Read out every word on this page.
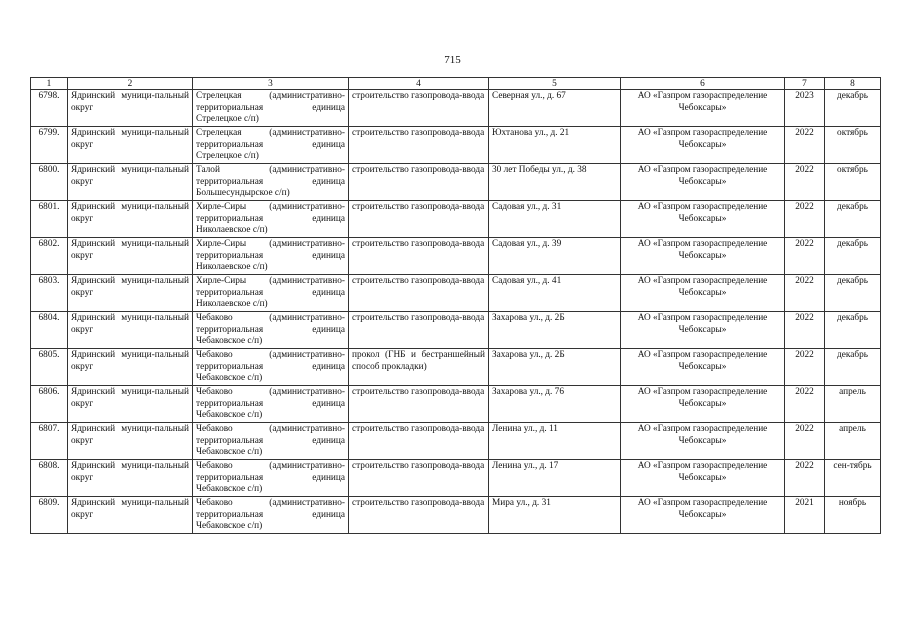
715
1	2	3	4	5	6	7	8
6798.	Ядринский муници-пальный округ	Стрелецкая (административно-территориальная единица Стрелецкое с/п)	строительство газопровода-ввода	Северная ул., д. 67	АО «Газпром газораспределение Чебоксары»	2023	декабрь
6799.	Ядринский муници-пальный округ	Стрелецкая (административно-территориальная единица Стрелецкое с/п)	строительство газопровода-ввода	Юхтанова ул., д. 21	АО «Газпром газораспределение Чебоксары»	2022	октябрь
6800.	Ядринский муници-пальный округ	Талой (административно-территориальная единица Большесундырское с/п)	строительство газопровода-ввода	30 лет Победы ул., д. 38	АО «Газпром газораспределение Чебоксары»	2022	октябрь
6801.	Ядринский муници-пальный округ	Хирле-Сиры (административно-территориальная единица Николаевское с/п)	строительство газопровода-ввода	Садовая ул., д. 31	АО «Газпром газораспределение Чебоксары»	2022	декабрь
6802.	Ядринский муници-пальный округ	Хирле-Сиры (административно-территориальная единица Николаевское с/п)	строительство газопровода-ввода	Садовая ул., д. 39	АО «Газпром газораспределение Чебоксары»	2022	декабрь
6803.	Ядринский муници-пальный округ	Хирле-Сиры (административно-территориальная единица Николаевское с/п)	строительство газопровода-ввода	Садовая ул., д. 41	АО «Газпром газораспределение Чебоксары»	2022	декабрь
6804.	Ядринский муници-пальный округ	Чебаково (административно-территориальная единица Чебаковское с/п)	строительство газопровода-ввода	Захарова ул., д. 2Б	АО «Газпром газораспределение Чебоксары»	2022	декабрь
6805.	Ядринский муници-пальный округ	Чебаково (административно-территориальная единица Чебаковское с/п)	прокол (ГНБ и бестраншейный способ прокладки)	Захарова ул., д. 2Б	АО «Газпром газораспределение Чебоксары»	2022	декабрь
6806.	Ядринский муници-пальный округ	Чебаково (административно-территориальная единица Чебаковское с/п)	строительство газопровода-ввода	Захарова ул., д. 76	АО «Газпром газораспределение Чебоксары»	2022	апрель
6807.	Ядринский муници-пальный округ	Чебаково (административно-территориальная единица Чебаковское с/п)	строительство газопровода-ввода	Ленина ул., д. 11	АО «Газпром газораспределение Чебоксары»	2022	апрель
6808.	Ядринский муници-пальный округ	Чебаково (административно-территориальная единица Чебаковское с/п)	строительство газопровода-ввода	Ленина ул., д. 17	АО «Газпром газораспределение Чебоксары»	2022	сен-тябрь
6809.	Ядринский муници-пальный округ	Чебаково (административно-территориальная единица Чебаковское с/п)	строительство газопровода-ввода	Мира ул., д. 31	АО «Газпром газораспределение Чебоксары»	2021	ноябрь
